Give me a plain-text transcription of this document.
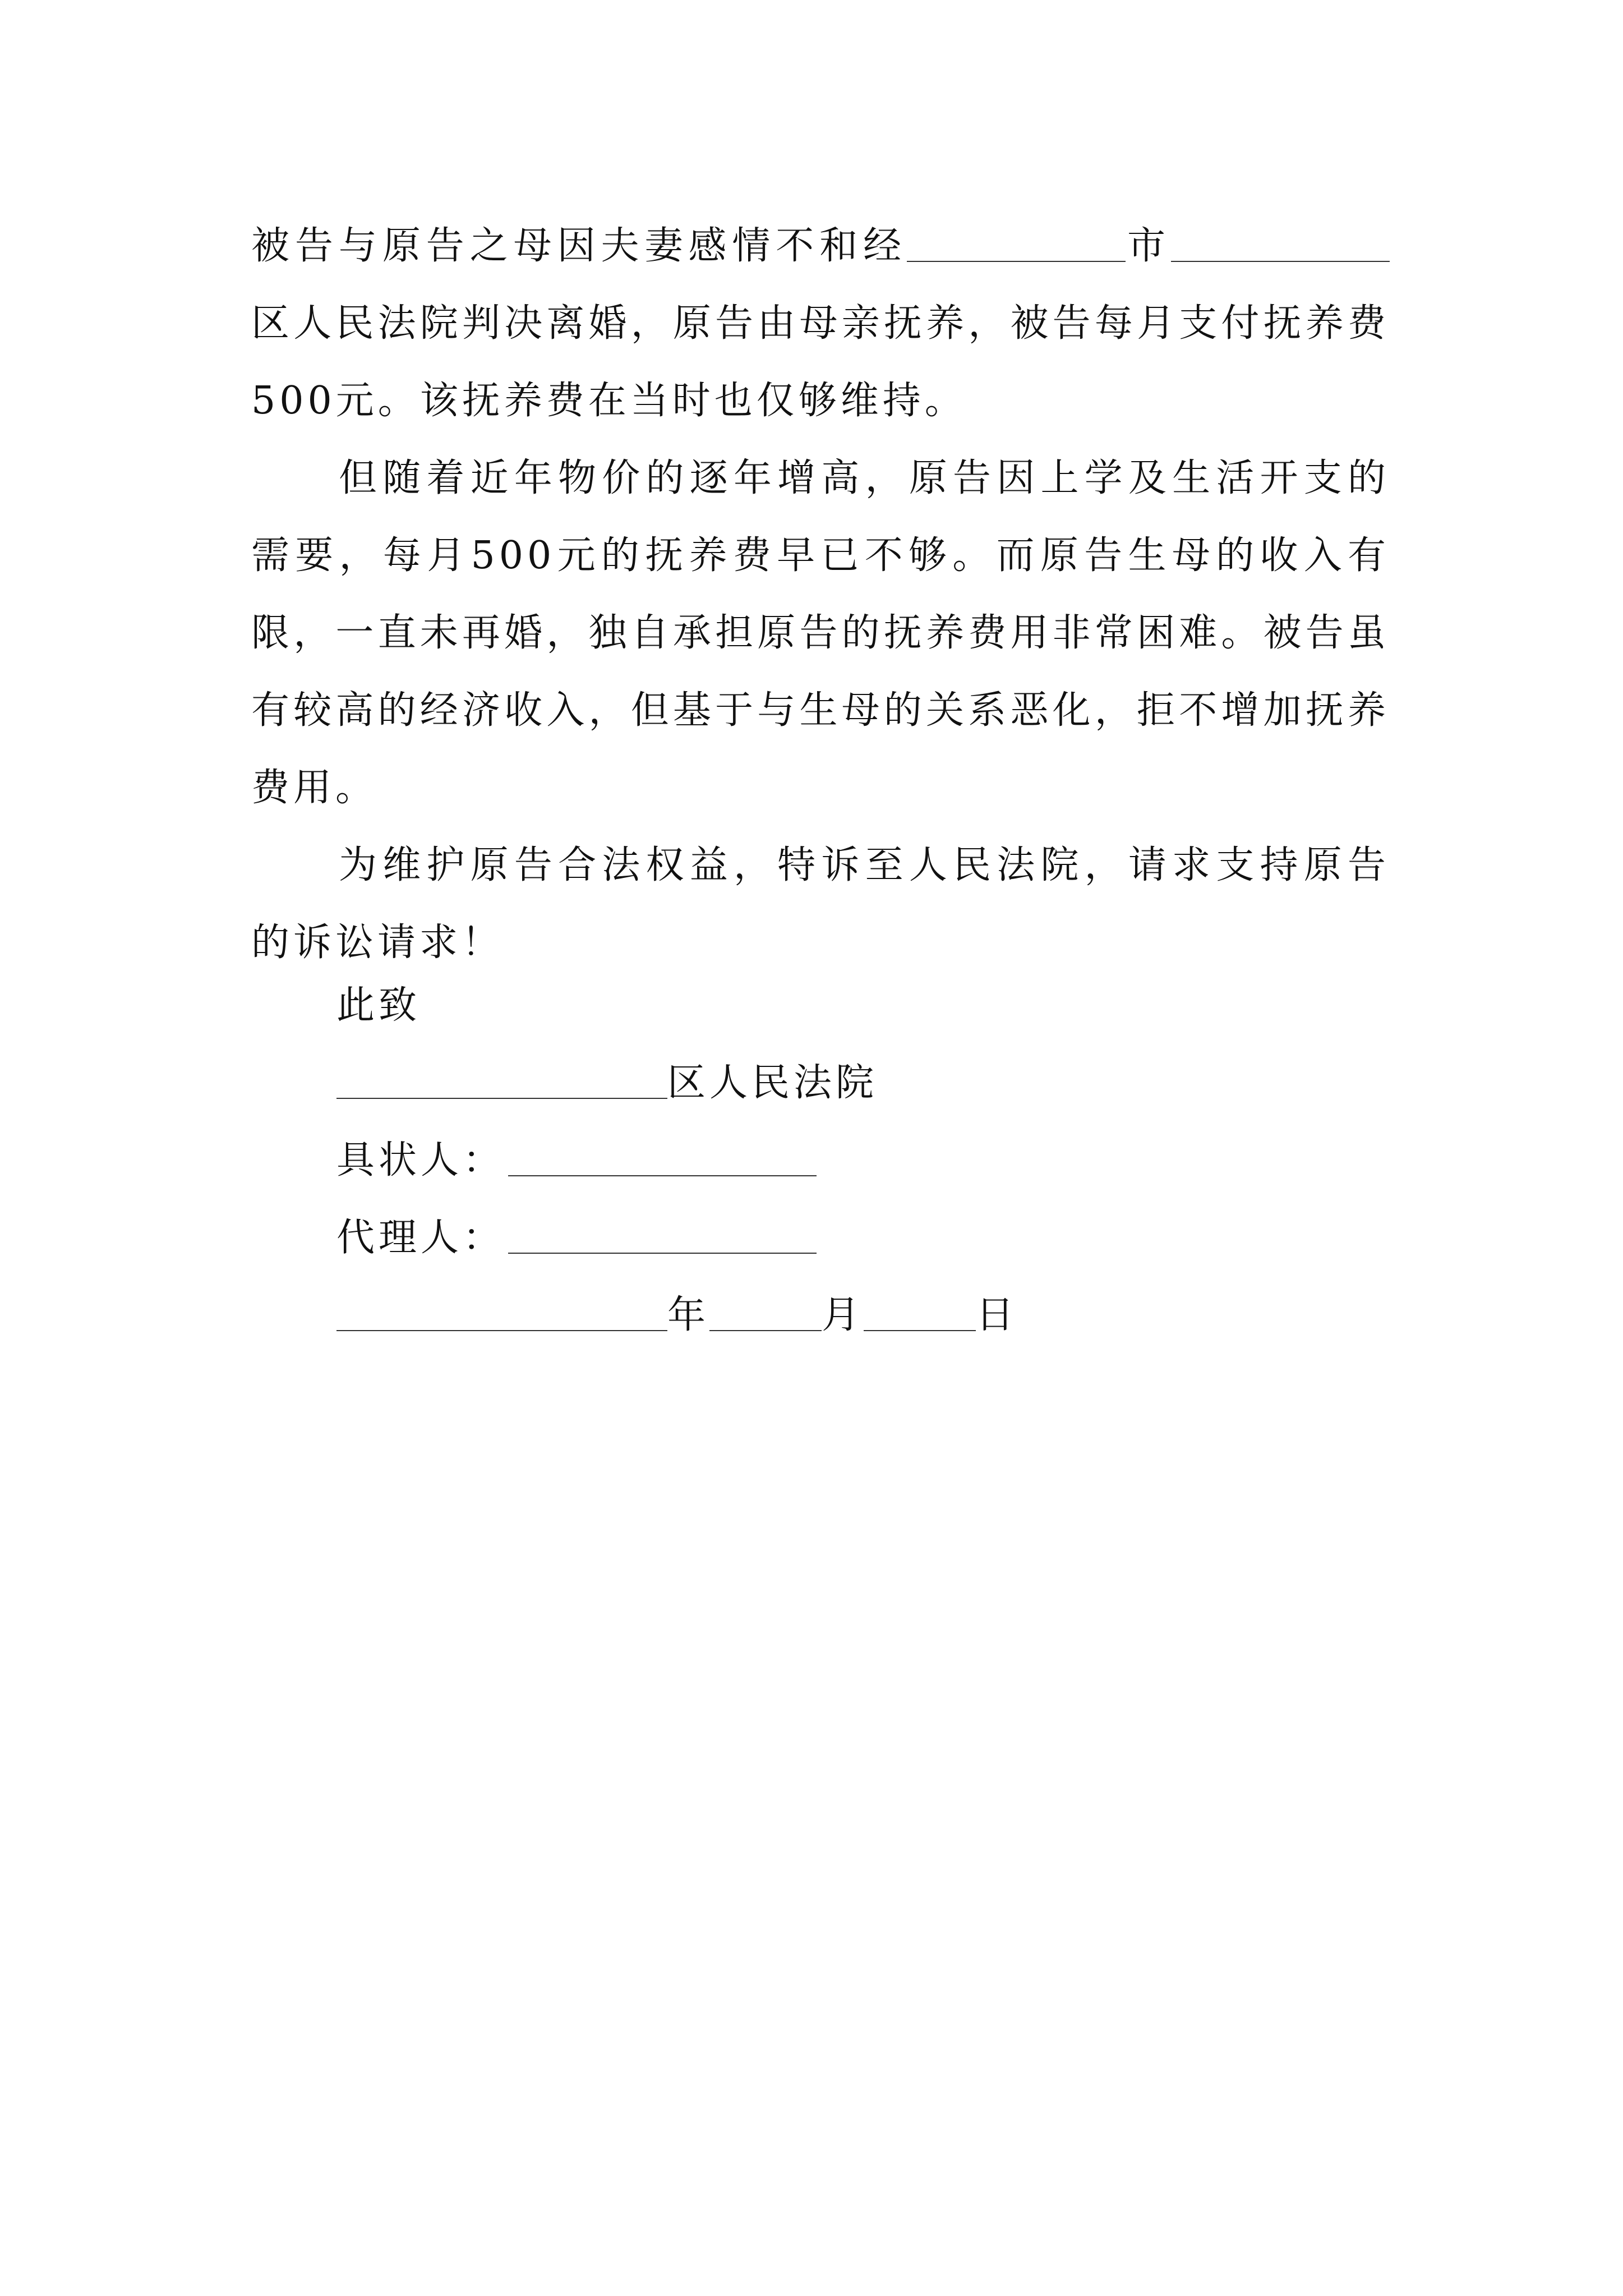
被告与原告之母因夫妻感情不和经	市区人民法院判决离婚，原告由母亲抚养，被告每月支付抚养费500元。该抚养费在当时也仅够维持。

但随着近年物价的逐年增高，原告因上学及生活开支的需要，每月500元的抚养费早已不够。而原告生母的收入有限，一直未再婚，独自承担原告的抚养费用非常困难。被告虽有较高的经济收入，但基于与生母的关系恶化，拒不增加抚养费用。

为维护原告合法权益，特诉至人民法院，请求支持原告的诉讼请求！

此致
区人民法院
具状人：
代理人：
年	月	日
